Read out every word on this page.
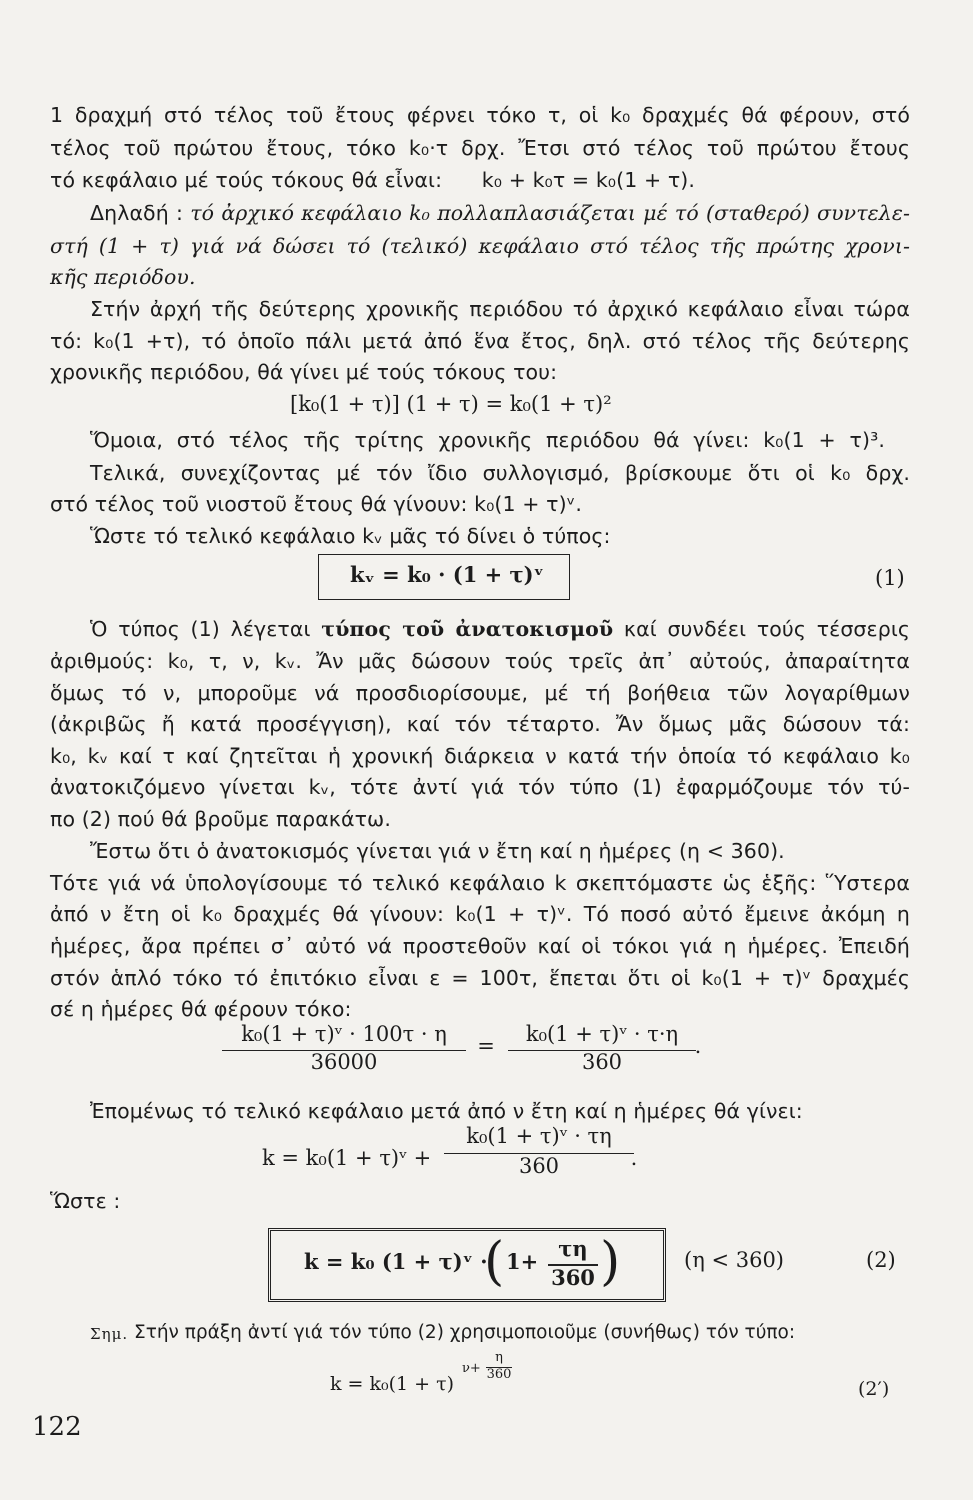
1 δραχμή στό τέλος τοῦ ἔτους φέρνει τόκο τ, οἱ k₀ δραχμές θά φέρουν, στό
τέλος τοῦ πρώτου ἔτους, τόκο k₀·τ δρχ. Ἔτσι στό τέλος τοῦ πρώτου ἔτους
τό κεφάλαιο μέ τούς τόκους θά εἶναι:      k₀ + k₀τ = k₀(1 + τ).
Δηλαδή : τό ἀρχικό κεφάλαιο k₀ πολλαπλασιάζεται μέ τό (σταθερό) συντελε-
στή (1 + τ) γιά νά δώσει τό (τελικό) κεφάλαιο στό τέλος τῆς πρώτης χρονι-
κῆς περιόδου.
Στήν ἀρχή τῆς δεύτερης χρονικῆς περιόδου τό ἀρχικό κεφάλαιο εἶναι τώρα
τό: k₀(1 +τ), τό ὁποῖο πάλι μετά ἀπό ἕνα ἔτος, δηλ. στό τέλος τῆς δεύτερης
χρονικῆς περιόδου, θά γίνει μέ τούς τόκους του:
[k₀(1 + τ)] (1 + τ) = k₀(1 + τ)²
Ὅμοια, στό τέλος τῆς τρίτης χρονικῆς περιόδου θά γίνει: k₀(1 + τ)³.
Τελικά, συνεχίζοντας μέ τόν ἴδιο συλλογισμό, βρίσκουμε ὅτι οἱ k₀ δρχ.
στό τέλος τοῦ νιοστοῦ ἔτους θά γίνουν: k₀(1 + τ)ᵛ.
Ὥστε τό τελικό κεφάλαιο kᵥ μᾶς τό δίνει ὁ τύπος:
kᵥ = k₀ · (1 + τ)ᵛ	(1)
Ὁ τύπος (1) λέγεται τύπος τοῦ ἀνατοκισμοῦ καί συνδέει τούς τέσσερις
ἀριθμούς: k₀, τ, ν, kᵥ. Ἄν μᾶς δώσουν τούς τρεῖς ἀπ᾽ αὐτούς, ἀπαραίτητα
ὅμως τό ν, μποροῦμε νά προσδιορίσουμε, μέ τή βοήθεια τῶν λογαρίθμων
(ἀκριβῶς ἤ κατά προσέγγιση), καί τόν τέταρτο. Ἄν ὅμως μᾶς δώσουν τά:
k₀, kᵥ καί τ καί ζητεῖται ἡ χρονική διάρκεια ν κατά τήν ὁποία τό κεφάλαιο k₀
ἀνατοκιζόμενο γίνεται kᵥ, τότε ἀντί γιά τόν τύπο (1) ἐφαρμόζουμε τόν τύ-
πο (2) πού θά βροῦμε παρακάτω.
Ἔστω ὅτι ὁ ἀνατοκισμός γίνεται γιά ν ἔτη καί η ἡμέρες (η < 360).
Τότε γιά νά ὑπολογίσουμε τό τελικό κεφάλαιο k σκεπτόμαστε ὡς ἑξῆς: Ὕστερα
ἀπό ν ἔτη οἱ k₀ δραχμές θά γίνουν: k₀(1 + τ)ᵛ. Τό ποσό αὐτό ἔμεινε ἀκόμη η
ἡμέρες, ἄρα πρέπει σ᾽ αὐτό νά προστεθοῦν καί οἱ τόκοι γιά η ἡμέρες. Ἐπειδή
στόν ἁπλό τόκο τό ἐπιτόκιο εἶναι ε = 100τ, ἕπεται ὅτι οἱ k₀(1 + τ)ᵛ δραχμές
σέ η ἡμέρες θά φέρουν τόκο:
k₀(1 + τ)ᵛ · 100τ · η
36000
=	k₀(1 + τ)ᵛ · τ·η
360
.
Ἐπομένως τό τελικό κεφάλαιο μετά ἀπό ν ἔτη καί η ἡμέρες θά γίνει:
k = k₀(1 + τ)ᵛ +
k₀(1 + τ)ᵛ · τη
360	.
Ὥστε :
k = k₀ (1 + τ)ᵛ ·
( 1+
τη
360 )	(η < 360)	(2)
Σημ. Στήν πράξη ἀντί γιά τόν τύπο (2) χρησιμοποιοῦμε (συνήθως) τόν τύπο:
k = k₀(1 + τ)
ν+
η
360
(2′)
122
